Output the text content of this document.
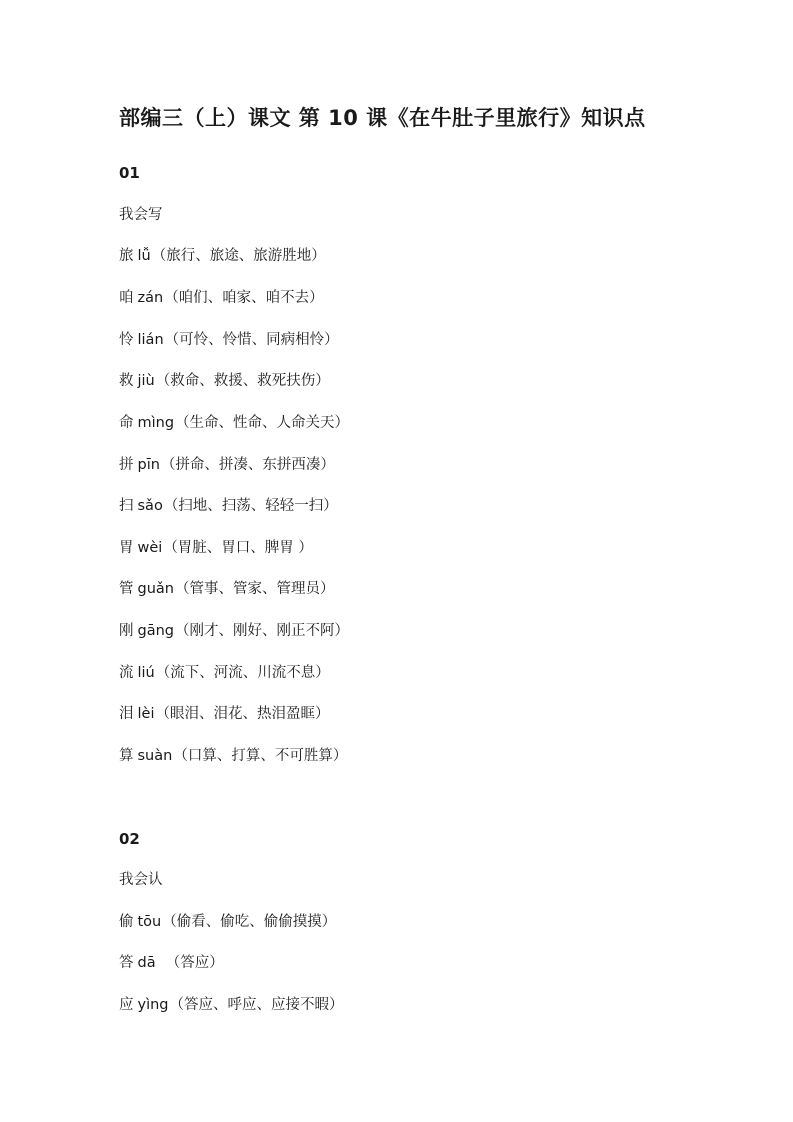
部编三（上）课文 第 10 课《在牛肚子里旅行》知识点
01
我会写
旅 lǚ（旅行、旅途、旅游胜地）
咱 zán（咱们、咱家、咱不去）
怜 lián（可怜、怜惜、同病相怜）
救 jiù（救命、救援、救死扶伤）
命 mìng（生命、性命、人命关天）
拼 pīn（拼命、拼凑、东拼西凑）
扫 sǎo（扫地、扫荡、轻轻一扫）
胃 wèi（胃脏、胃口、脾胃 ）
管 guǎn（管事、管家、管理员）
刚 gāng（刚才、刚好、刚正不阿）
流 liú（流下、河流、川流不息）
泪 lèi（眼泪、泪花、热泪盈眶）
算 suàn（口算、打算、不可胜算）
02
我会认
偷 tōu（偷看、偷吃、偷偷摸摸）
答 dā  （答应）
应 yìng（答应、呼应、应接不暇）
